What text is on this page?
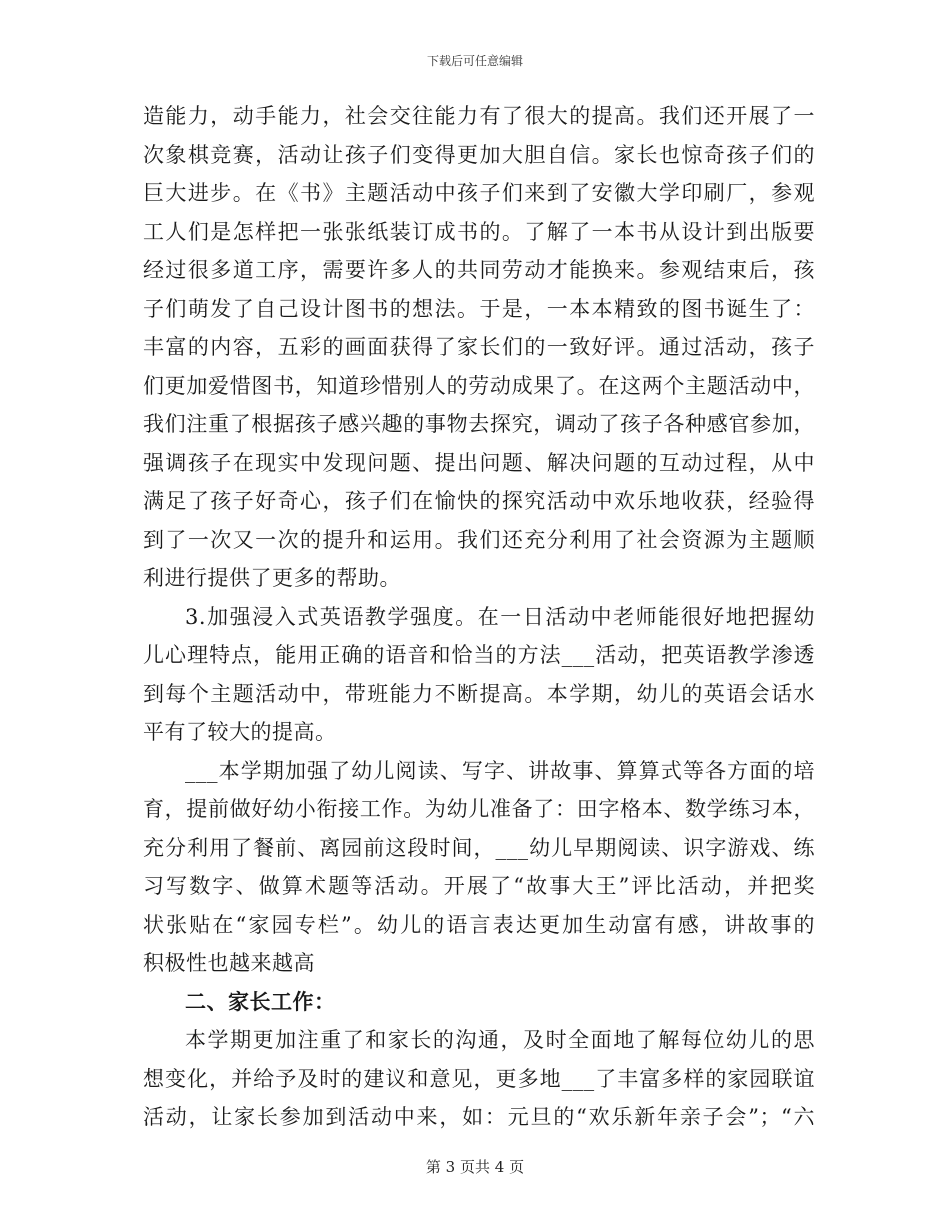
下载后可任意编辑
造能力，动手能力，社会交往能力有了很大的提高。我们还开展了一
次象棋竞赛，活动让孩子们变得更加大胆自信。家长也惊奇孩子们的
巨大进步。在《书》主题活动中孩子们来到了安徽大学印刷厂，参观
工人们是怎样把一张张纸装订成书的。了解了一本书从设计到出版要
经过很多道工序，需要许多人的共同劳动才能换来。参观结束后，孩
子们萌发了自己设计图书的想法。于是，一本本精致的图书诞生了：
丰富的内容，五彩的画面获得了家长们的一致好评。通过活动，孩子
们更加爱惜图书，知道珍惜别人的劳动成果了。在这两个主题活动中，
我们注重了根据孩子感兴趣的事物去探究，调动了孩子各种感官参加，
强调孩子在现实中发现问题、提出问题、解决问题的互动过程，从中
满足了孩子好奇心，孩子们在愉快的探究活动中欢乐地收获，经验得
到了一次又一次的提升和运用。我们还充分利用了社会资源为主题顺
利进行提供了更多的帮助。
3.加强浸入式英语教学强度。在一日活动中老师能很好地把握幼
儿心理特点，能用正确的语音和恰当的方法___活动，把英语教学渗透
到每个主题活动中，带班能力不断提高。本学期，幼儿的英语会话水
平有了较大的提高。
___本学期加强了幼儿阅读、写字、讲故事、算算式等各方面的培
育，提前做好幼小衔接工作。为幼儿准备了：田字格本、数学练习本，
充分利用了餐前、离园前这段时间，___幼儿早期阅读、识字游戏、练
习写数字、做算术题等活动。开展了“故事大王”评比活动，并把奖
状张贴在“家园专栏”。幼儿的语言表达更加生动富有感，讲故事的
积极性也越来越高
二、家长工作：
本学期更加注重了和家长的沟通，及时全面地了解每位幼儿的思
想变化，并给予及时的建议和意见，更多地___了丰富多样的家园联谊
活动，让家长参加到活动中来，如：元旦的“欢乐新年亲子会”；“六
第 3 页共 4 页
